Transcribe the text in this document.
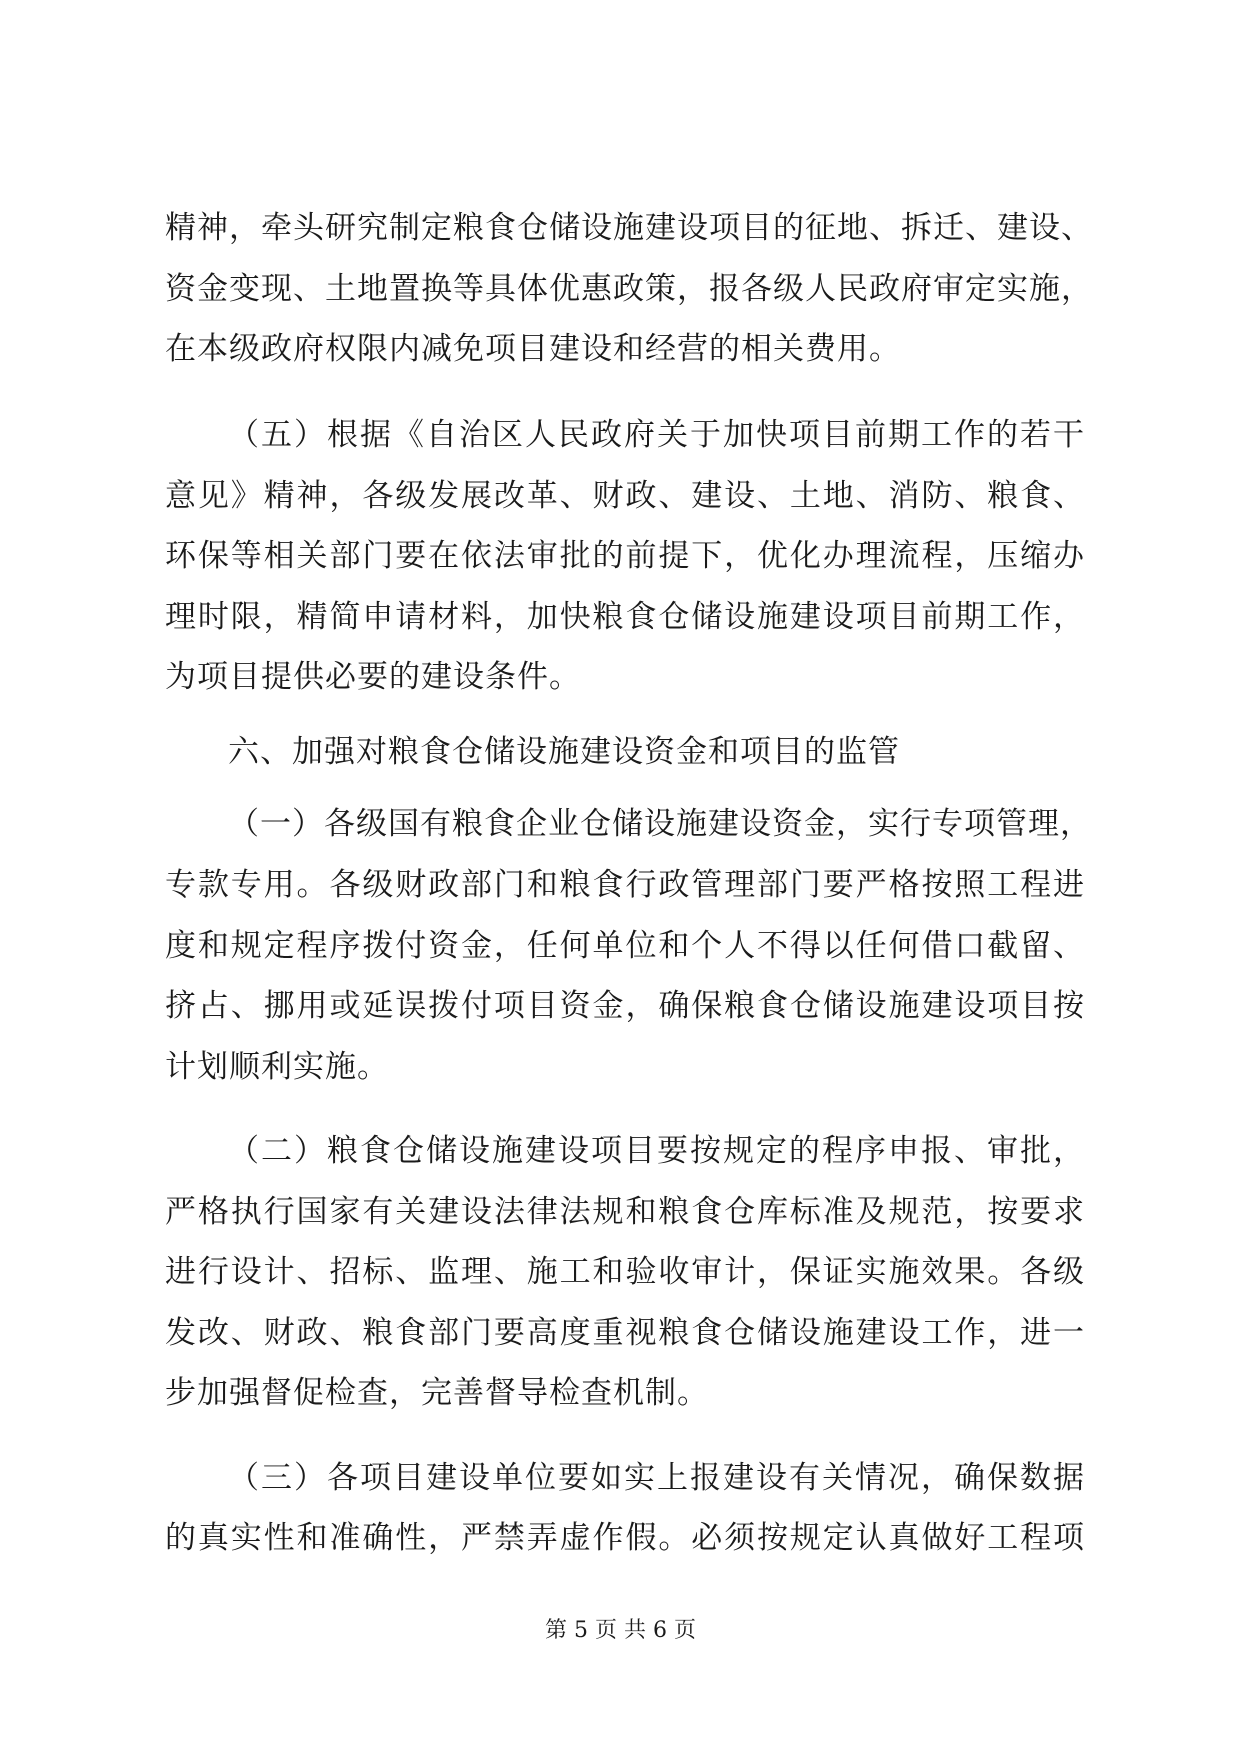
精神，牵头研究制定粮食仓储设施建设项目的征地、拆迁、建设、
资金变现、土地置换等具体优惠政策，报各级人民政府审定实施，
在本级政府权限内减免项目建设和经营的相关费用。
（五）根据《自治区人民政府关于加快项目前期工作的若干
意见》精神，各级发展改革、财政、建设、土地、消防、粮食、
环保等相关部门要在依法审批的前提下，优化办理流程，压缩办
理时限，精简申请材料，加快粮食仓储设施建设项目前期工作，
为项目提供必要的建设条件。
六、加强对粮食仓储设施建设资金和项目的监管
（一）各级国有粮食企业仓储设施建设资金，实行专项管理，
专款专用。各级财政部门和粮食行政管理部门要严格按照工程进
度和规定程序拨付资金，任何单位和个人不得以任何借口截留、
挤占、挪用或延误拨付项目资金，确保粮食仓储设施建设项目按
计划顺利实施。
（二）粮食仓储设施建设项目要按规定的程序申报、审批，
严格执行国家有关建设法律法规和粮食仓库标准及规范，按要求
进行设计、招标、监理、施工和验收审计，保证实施效果。各级
发改、财政、粮食部门要高度重视粮食仓储设施建设工作，进一
步加强督促检查，完善督导检查机制。
（三）各项目建设单位要如实上报建设有关情况，确保数据
的真实性和准确性，严禁弄虚作假。必须按规定认真做好工程项
第 5 页 共 6 页
